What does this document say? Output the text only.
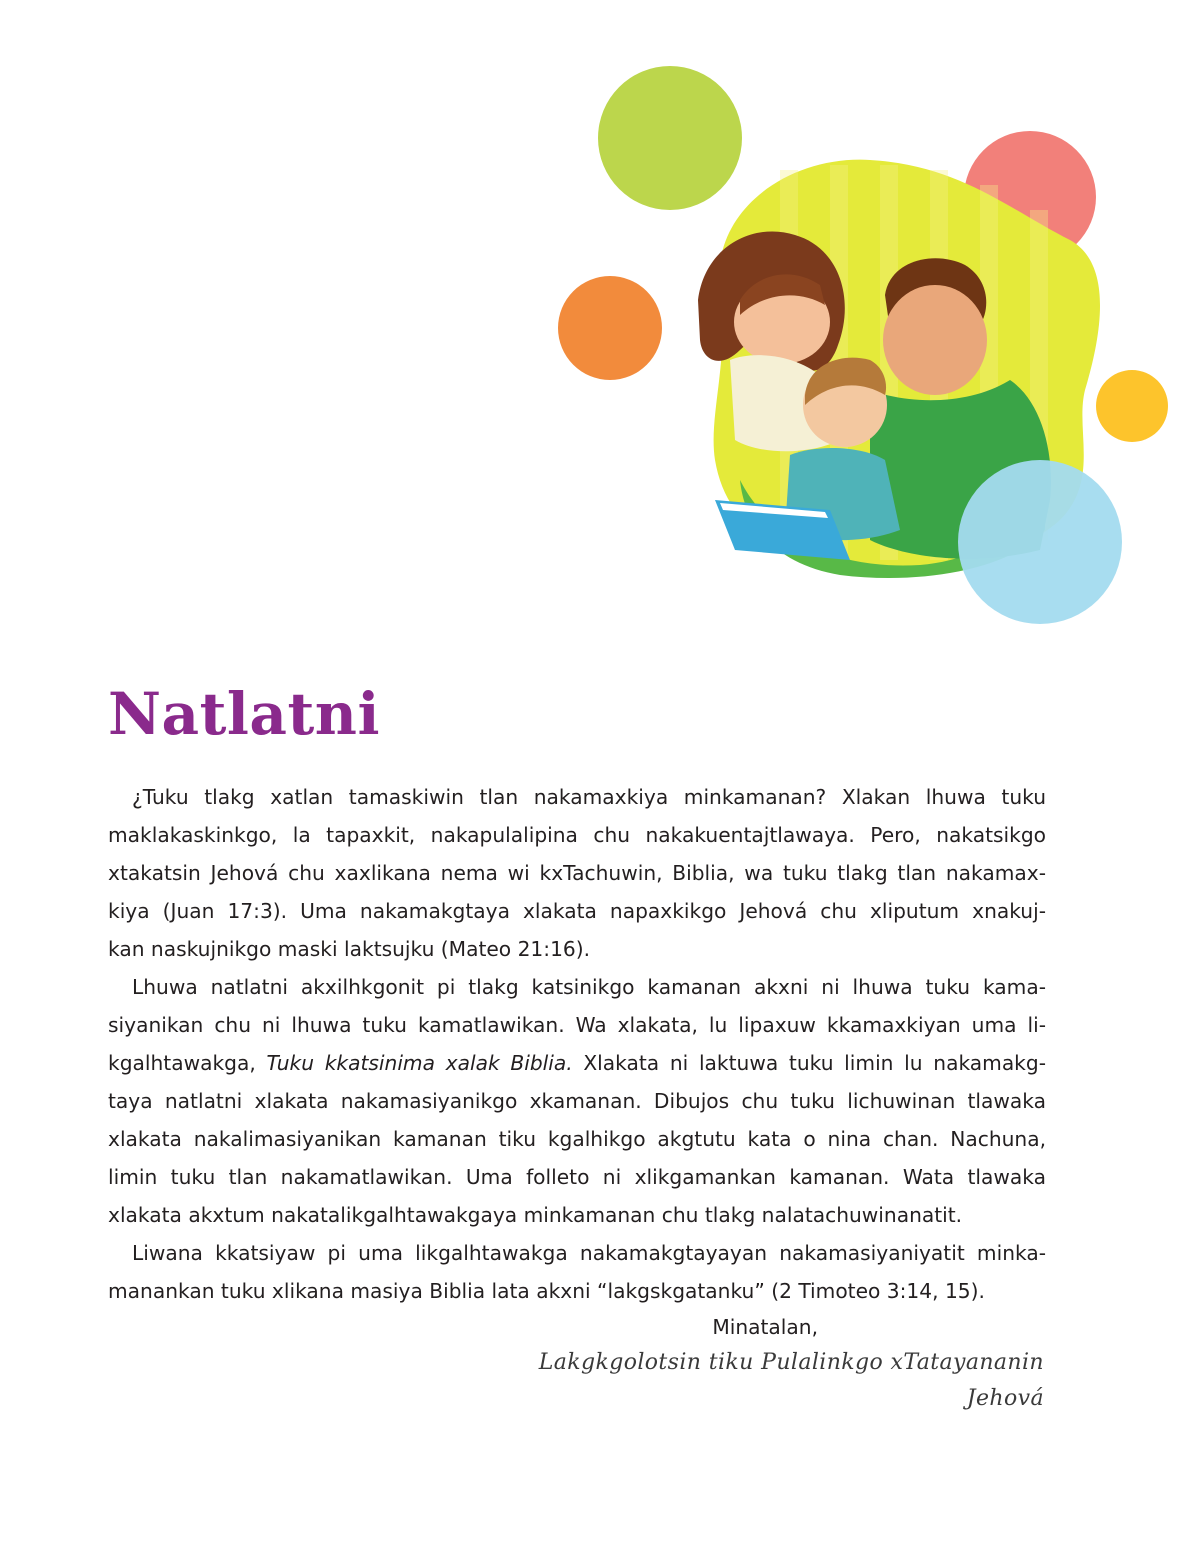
Natlatni
¿Tuku tlakg xatlan tamaskiwin tlan nakamaxkiya minkamanan? Xlakan lhuwa tuku
maklakaskinkgo, la tapaxkit, nakapulalipina chu nakakuentajtlawaya. Pero, nakatsikgo
xtakatsin Jehová chu xaxlikana nema wi kxTachuwin, Biblia, wa tuku tlakg tlan nakamax-
kiya (Juan 17:3). Uma nakamakgtaya xlakata napaxkikgo Jehová chu xliputum xnakuj-
kan naskujnikgo maski laktsujku (Mateo 21:16).
Lhuwa natlatni akxilhkgonit pi tlakg katsinikgo kamanan akxni ni lhuwa tuku kama-
siyanikan chu ni lhuwa tuku kamatlawikan. Wa xlakata, lu lipaxuw kkamaxkiyan uma li-
kgalhtawakga, Tuku kkatsinima xalak Biblia. Xlakata ni laktuwa tuku limin lu nakamakg-
taya natlatni xlakata nakamasiyanikgo xkamanan. Dibujos chu tuku lichuwinan tlawaka
xlakata nakalimasiyanikan kamanan tiku kgalhikgo akgtutu kata o nina chan. Nachuna,
limin tuku tlan nakamatlawikan. Uma folleto ni xlikgamankan kamanan. Wata tlawaka
xlakata akxtum nakatalikgalhtawakgaya minkamanan chu tlakg nalatachuwinanatit.
Liwana kkatsiyaw pi uma likgalhtawakga nakamakgtayayan nakamasiyaniyatit minka-
manankan tuku xlikana masiya Biblia lata akxni “lakgskgatanku” (2 Timoteo 3:14, 15).
Minatalan,
Lakgkgolotsin tiku Pulalinkgo xTatayananin Jehová
